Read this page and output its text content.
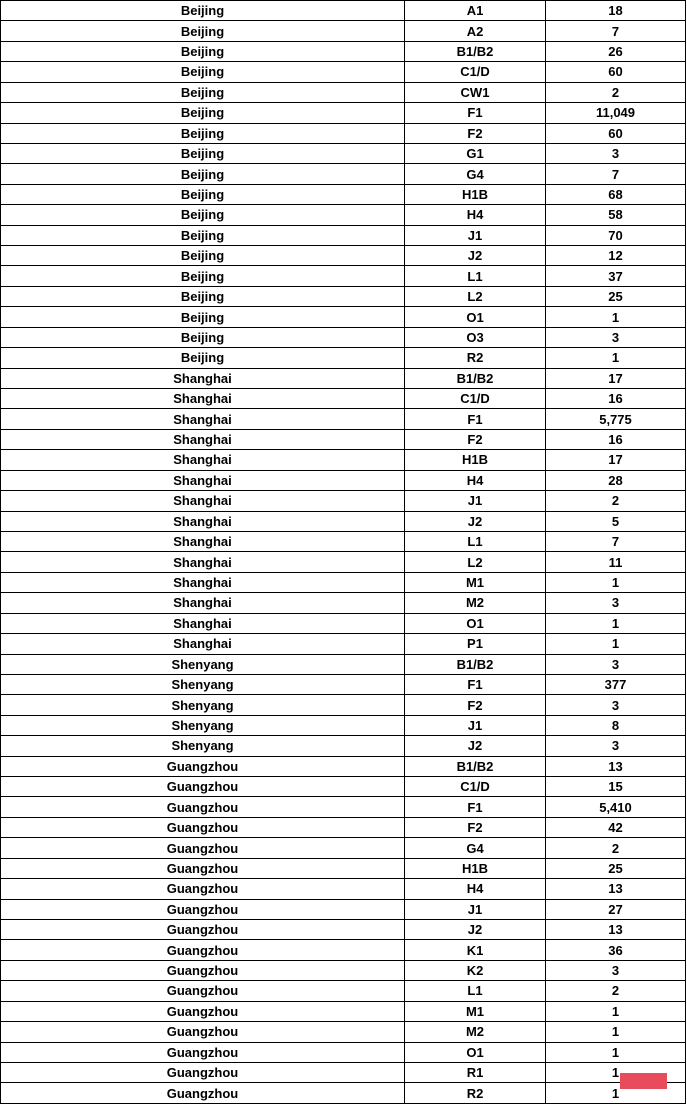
Beijing	A1	18
Beijing	A2	7
Beijing	B1/B2	26
Beijing	C1/D	60
Beijing	CW1	2
Beijing	F1	11,049
Beijing	F2	60
Beijing	G1	3
Beijing	G4	7
Beijing	H1B	68
Beijing	H4	58
Beijing	J1	70
Beijing	J2	12
Beijing	L1	37
Beijing	L2	25
Beijing	O1	1
Beijing	O3	3
Beijing	R2	1
Shanghai	B1/B2	17
Shanghai	C1/D	16
Shanghai	F1	5,775
Shanghai	F2	16
Shanghai	H1B	17
Shanghai	H4	28
Shanghai	J1	2
Shanghai	J2	5
Shanghai	L1	7
Shanghai	L2	11
Shanghai	M1	1
Shanghai	M2	3
Shanghai	O1	1
Shanghai	P1	1
Shenyang	B1/B2	3
Shenyang	F1	377
Shenyang	F2	3
Shenyang	J1	8
Shenyang	J2	3
Guangzhou	B1/B2	13
Guangzhou	C1/D	15
Guangzhou	F1	5,410
Guangzhou	F2	42
Guangzhou	G4	2
Guangzhou	H1B	25
Guangzhou	H4	13
Guangzhou	J1	27
Guangzhou	J2	13
Guangzhou	K1	36
Guangzhou	K2	3
Guangzhou	L1	2
Guangzhou	M1	1
Guangzhou	M2	1
Guangzhou	O1	1
Guangzhou	R1	1
Guangzhou	R2	1
